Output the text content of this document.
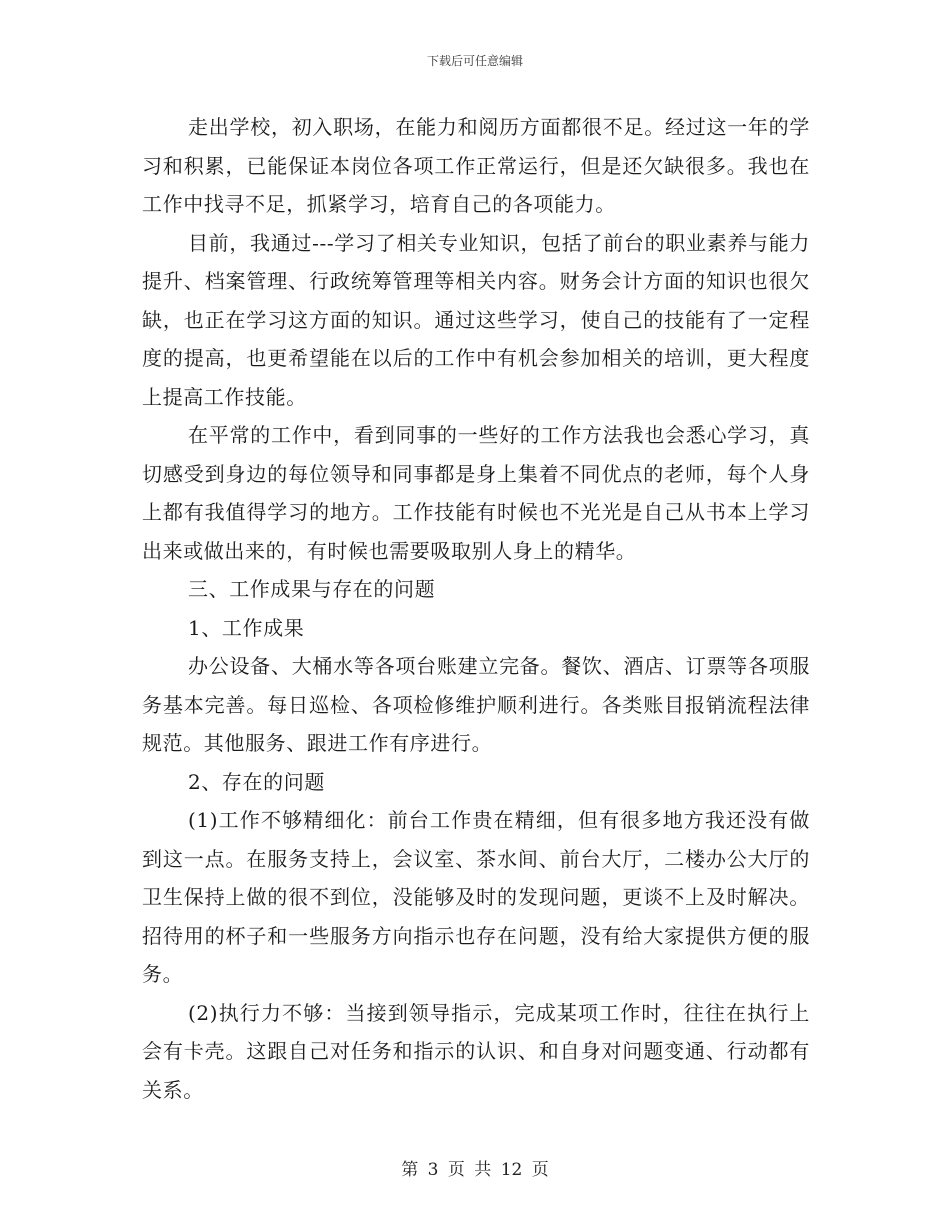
下载后可任意编辑

走出学校，初入职场，在能力和阅历方面都很不足。经过这一年的学习和积累，已能保证本岗位各项工作正常运行，但是还欠缺很多。我也在工作中找寻不足，抓紧学习，培育自己的各项能力。

目前，我通过---学习了相关专业知识，包括了前台的职业素养与能力提升、档案管理、行政统筹管理等相关内容。财务会计方面的知识也很欠缺，也正在学习这方面的知识。通过这些学习，使自己的技能有了一定程度的提高，也更希望能在以后的工作中有机会参加相关的培训，更大程度上提高工作技能。

在平常的工作中，看到同事的一些好的工作方法我也会悉心学习，真切感受到身边的每位领导和同事都是身上集着不同优点的老师，每个人身上都有我值得学习的地方。工作技能有时候也不光光是自己从书本上学习出来或做出来的，有时候也需要吸取别人身上的精华。

三、工作成果与存在的问题

1、工作成果

办公设备、大桶水等各项台账建立完备。餐饮、酒店、订票等各项服务基本完善。每日巡检、各项检修维护顺利进行。各类账目报销流程法律规范。其他服务、跟进工作有序进行。

2、存在的问题

(1)工作不够精细化：前台工作贵在精细，但有很多地方我还没有做到这一点。在服务支持上，会议室、茶水间、前台大厅，二楼办公大厅的卫生保持上做的很不到位，没能够及时的发现问题，更谈不上及时解决。招待用的杯子和一些服务方向指示也存在问题，没有给大家提供方便的服务。

(2)执行力不够：当接到领导指示，完成某项工作时，往往在执行上会有卡壳。这跟自己对任务和指示的认识、和自身对问题变通、行动都有关系。

第 3 页 共 12 页
